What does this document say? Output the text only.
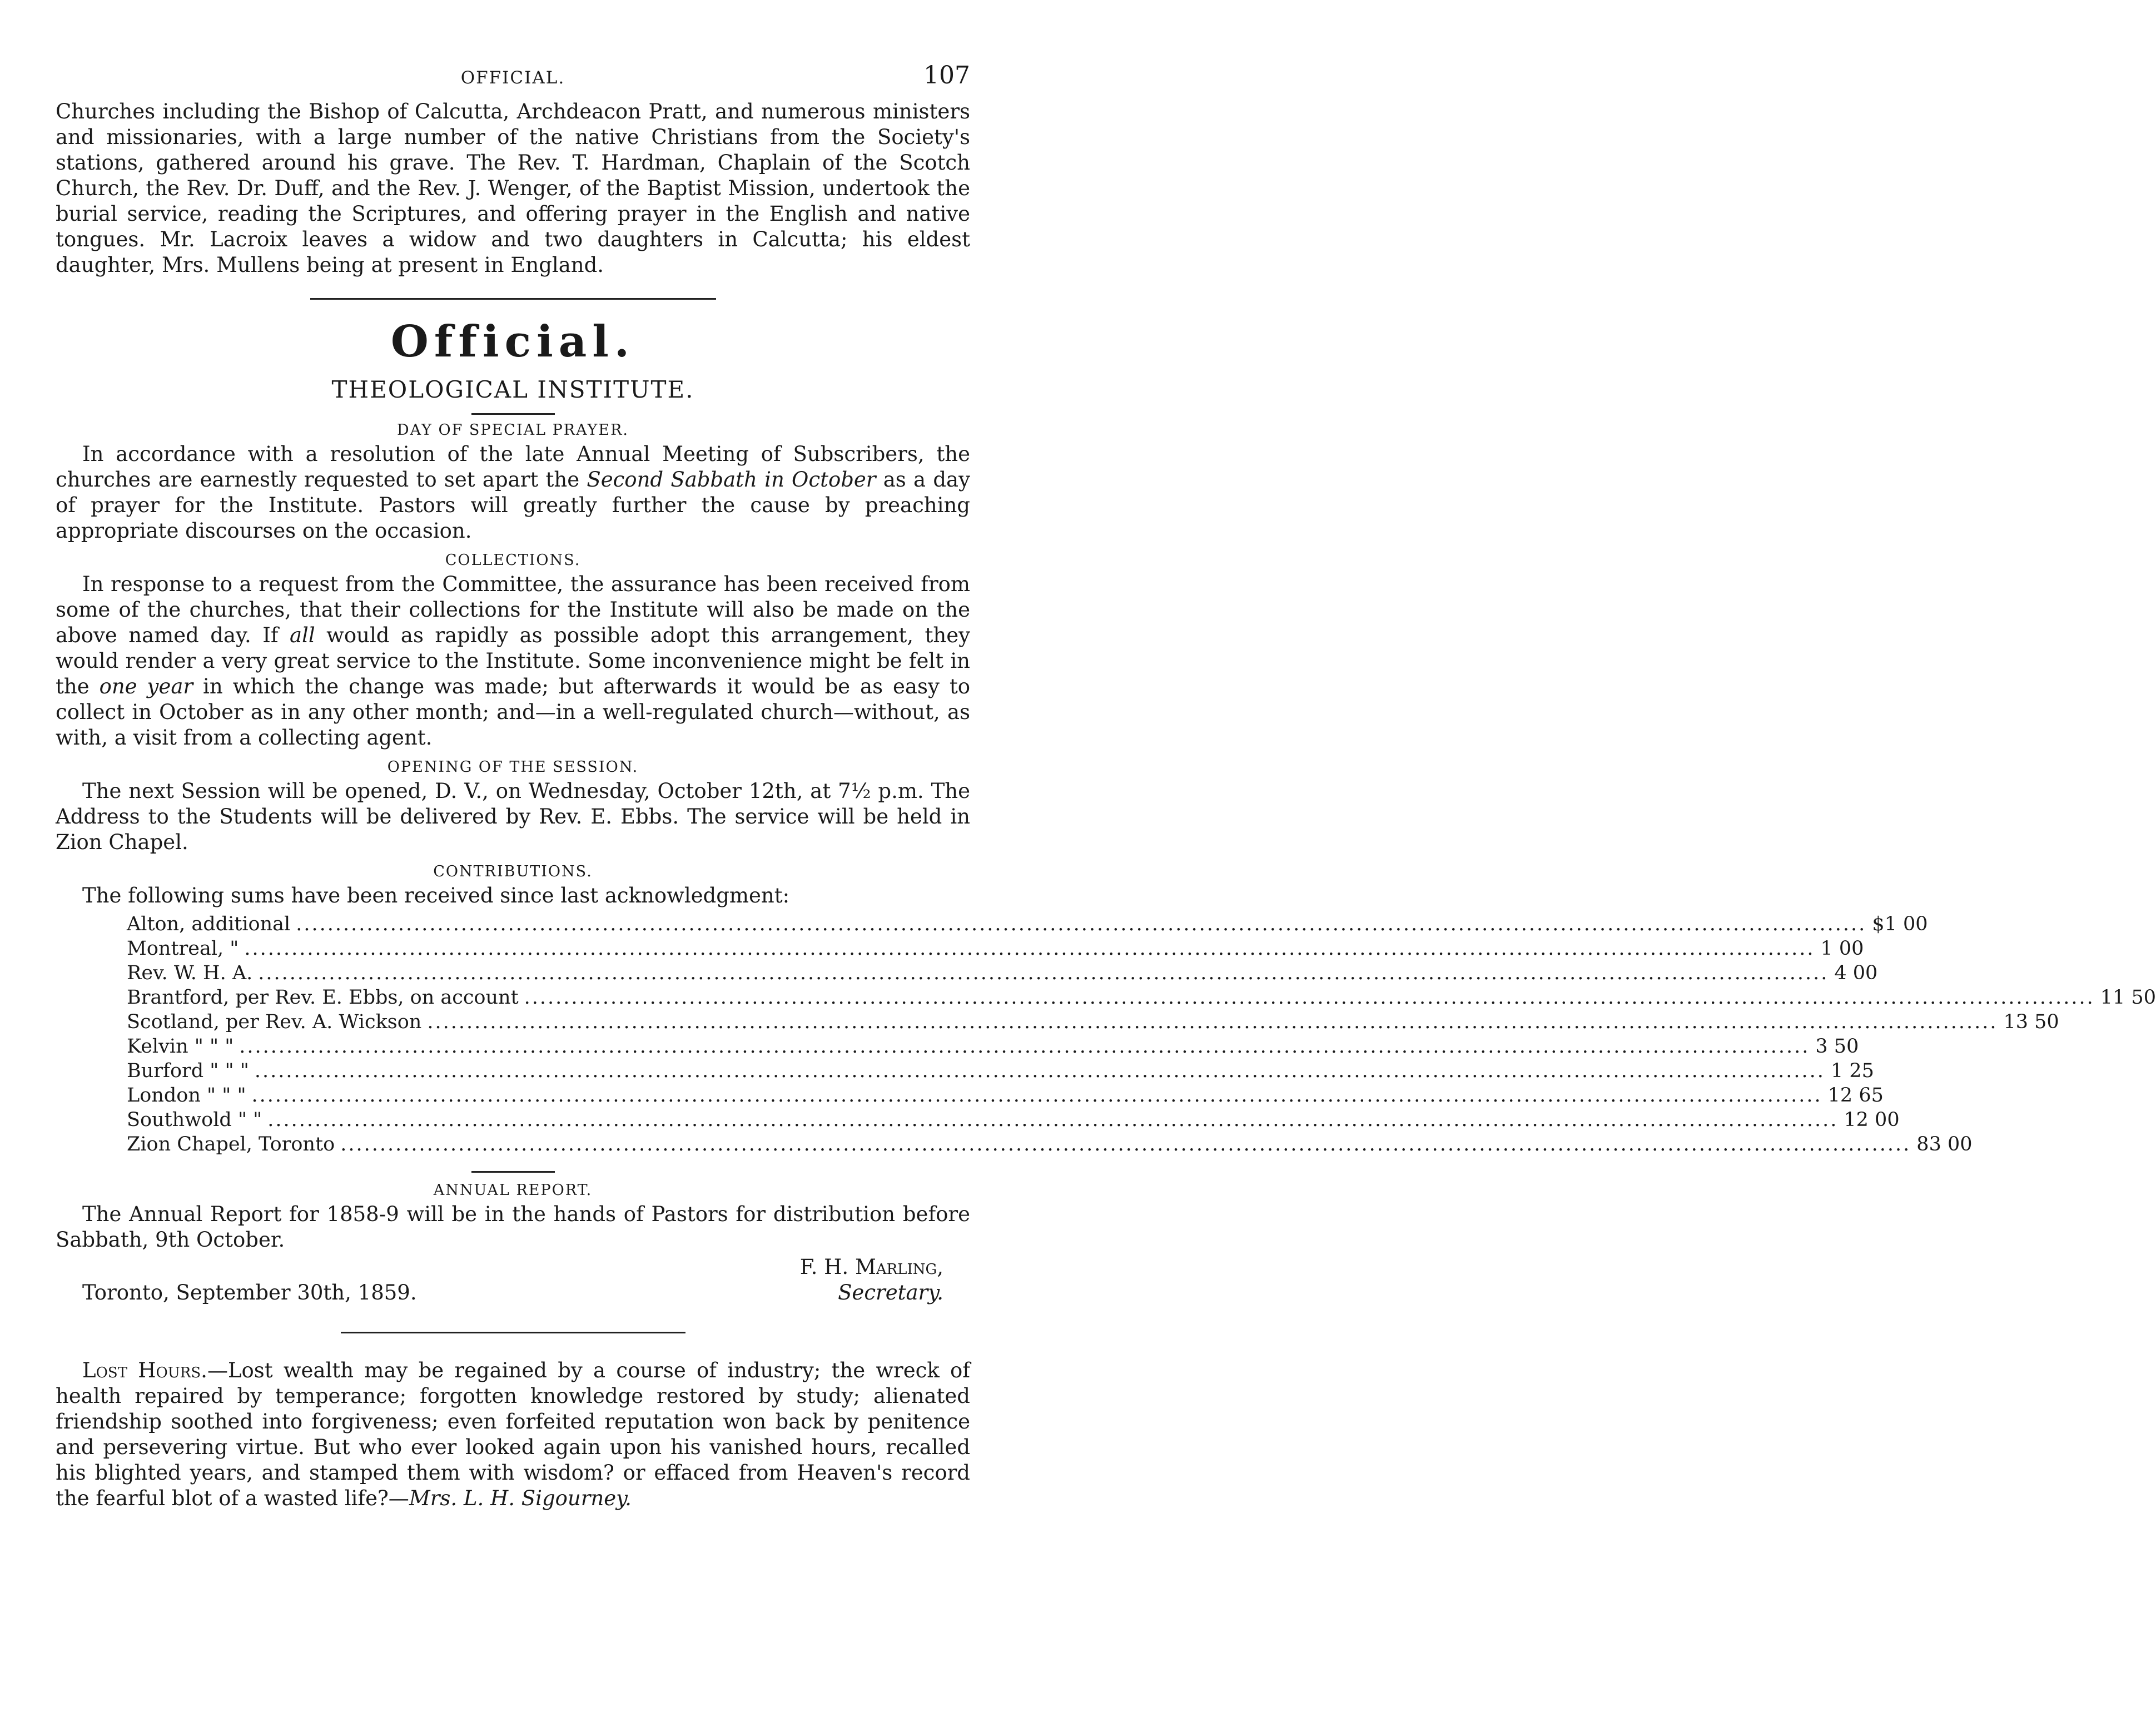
OFFICIAL.	107

Churches including the Bishop of Calcutta, Archdeacon Pratt, and numerous ministers and missionaries, with a large number of the native Christians from the Society's stations, gathered around his grave. The Rev. T. Hardman, Chaplain of the Scotch Church, the Rev. Dr. Duff, and the Rev. J. Wenger, of the Baptist Mission, undertook the burial service, reading the Scriptures, and offering prayer in the English and native tongues. Mr. Lacroix leaves a widow and two daughters in Calcutta; his eldest daughter, Mrs. Mullens being at present in England.

Official.
THEOLOGICAL INSTITUTE.
DAY OF SPECIAL PRAYER.

In accordance with a resolution of the late Annual Meeting of Subscribers, the churches are earnestly requested to set apart the Second Sabbath in October as a day of prayer for the Institute. Pastors will greatly further the cause by preaching appropriate discourses on the occasion.

COLLECTIONS.

In response to a request from the Committee, the assurance has been received from some of the churches, that their collections for the Institute will also be made on the above named day. If all would as rapidly as possible adopt this arrangement, they would render a very great service to the Institute. Some inconvenience might be felt in the one year in which the change was made; but afterwards it would be as easy to collect in October as in any other month; and—in a well-regulated church—without, as with, a visit from a collecting agent.

OPENING OF THE SESSION.

The next Session will be opened, D. V., on Wednesday, October 12th, at 7½ p.m. The Address to the Students will be delivered by Rev. E. Ebbs. The service will be held in Zion Chapel.

CONTRIBUTIONS.

The following sums have been received since last acknowledgment:

Alton, additional ........................................................................................................................................................................................................ $1 00
Montreal, " ........................................................................................................................................................................................................ 1 00
Rev. W. H. A. ........................................................................................................................................................................................................ 4 00
Brantford, per Rev. E. Ebbs, on account ........................................................................................................................................................................................................ 11 50
Scotland, per Rev. A. Wickson ........................................................................................................................................................................................................ 13 50
Kelvin " " " ........................................................................................................................................................................................................ 3 50
Burford " " " ........................................................................................................................................................................................................ 1 25
London " " " ........................................................................................................................................................................................................ 12 65
Southwold " " ........................................................................................................................................................................................................ 12 00
Zion Chapel, Toronto ........................................................................................................................................................................................................ 83 00
ANNUAL REPORT.

The Annual Report for 1858-9 will be in the hands of Pastors for distribution before Sabbath, 9th October.

F. H. Marling,
Toronto, September 30th, 1859.	Secretary.

Lost Hours.—Lost wealth may be regained by a course of industry; the wreck of health repaired by temperance; forgotten knowledge restored by study; alienated friendship soothed into forgiveness; even forfeited reputation won back by penitence and persevering virtue. But who ever looked again upon his vanished hours, recalled his blighted years, and stamped them with wisdom? or effaced from Heaven's record the fearful blot of a wasted life?—Mrs. L. H. Sigourney.
